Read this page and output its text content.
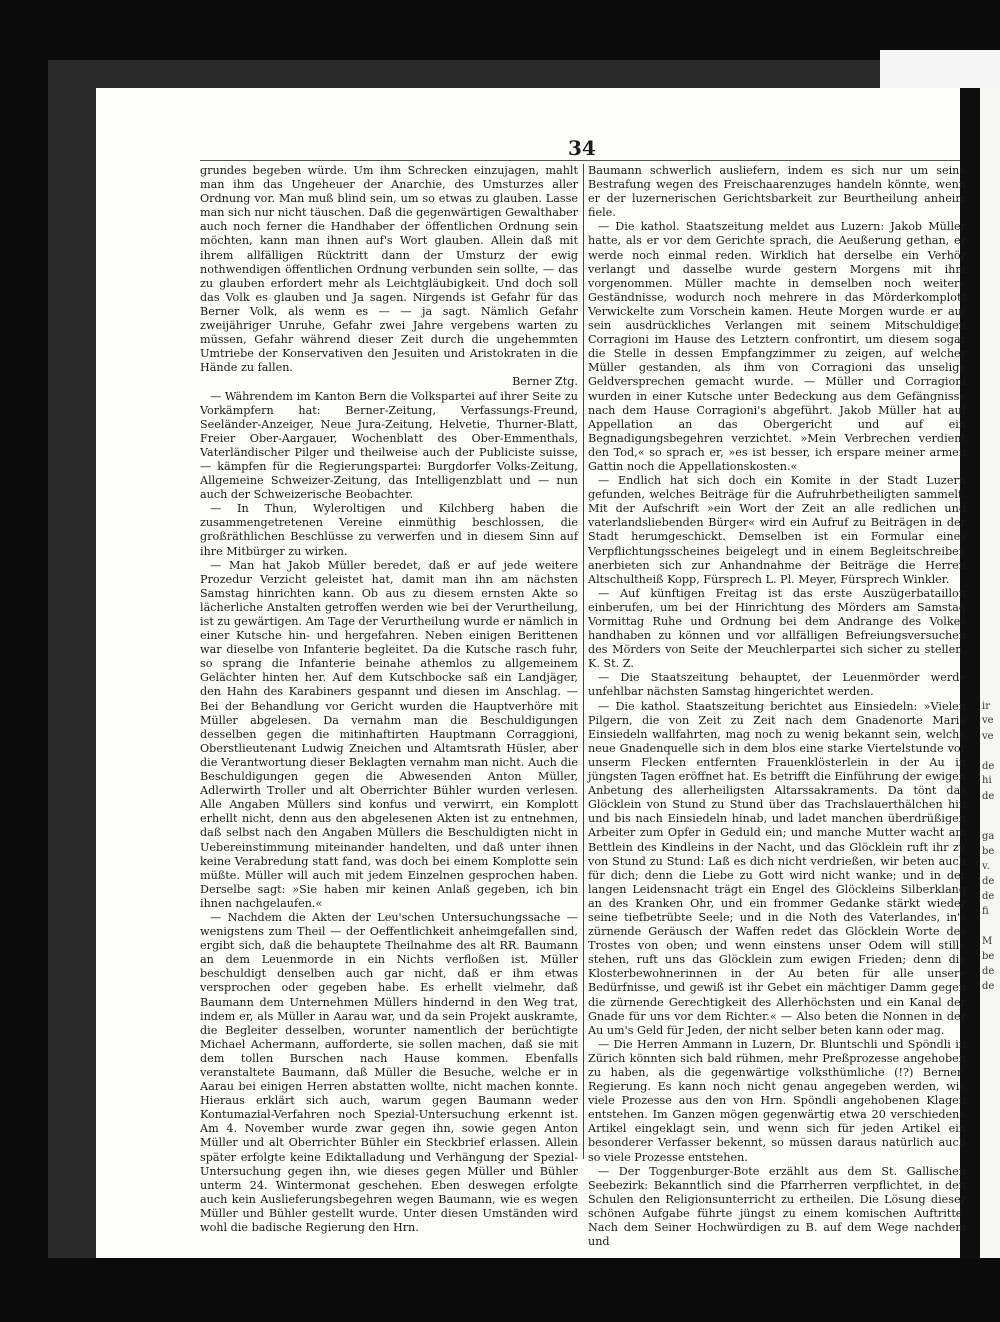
ir
ve
ve
de
hi
de
ga
be
v.
de
de
fi
M
be
de
de
34

grundes begeben würde. Um ihm Schrecken einzujagen, mahlt man ihm das Ungeheuer der Anarchie, des Umsturzes aller Ordnung vor. Man muß blind sein, um so etwas zu glauben. Lasse man sich nur nicht täuschen. Daß die gegenwärtigen Gewalthaber auch noch ferner die Handhaber der öffentlichen Ordnung sein möchten, kann man ihnen auf's Wort glauben. Allein daß mit ihrem allfälligen Rücktritt dann der Umsturz der ewig nothwendigen öffentlichen Ordnung verbunden sein sollte, — das zu glauben erfordert mehr als Leichtgläubigkeit. Und doch soll das Volk es glauben und Ja sagen. Nirgends ist Gefahr für das Berner Volk, als wenn es — — ja sagt. Nämlich Gefahr zweijähriger Unruhe, Gefahr zwei Jahre vergebens warten zu müssen, Gefahr während dieser Zeit durch die ungehemmten Umtriebe der Konservativen den Jesuiten und Aristokraten in die Hände zu fallen.

Berner Ztg.

— Währendem im Kanton Bern die Volkspartei auf ihrer Seite zu Vorkämpfern hat: Berner-Zeitung, Verfassungs-Freund, Seeländer-Anzeiger, Neue Jura-Zeitung, Helvetie, Thurner-Blatt, Freier Ober-Aargauer, Wochenblatt des Ober-Emmenthals, Vaterländischer Pilger und theilweise auch der Publiciste suisse, — kämpfen für die Regierungspartei: Burgdorfer Volks-Zeitung, Allgemeine Schweizer-Zeitung, das Intelligenzblatt und — nun auch der Schweizerische Beobachter.

— In Thun, Wyleroltigen und Kilchberg haben die zusammengetretenen Vereine einmüthig beschlossen, die großräthlichen Beschlüsse zu verwerfen und in diesem Sinn auf ihre Mitbürger zu wirken.

— Man hat Jakob Müller beredet, daß er auf jede weitere Prozedur Verzicht geleistet hat, damit man ihn am nächsten Samstag hinrichten kann. Ob aus zu diesem ernsten Akte so lächerliche Anstalten getroffen werden wie bei der Verurtheilung, ist zu gewärtigen. Am Tage der Verurtheilung wurde er nämlich in einer Kutsche hin- und hergefahren. Neben einigen Berittenen war dieselbe von Infanterie begleitet. Da die Kutsche rasch fuhr, so sprang die Infanterie beinahe athemlos zu allgemeinem Gelächter hinten her. Auf dem Kutschbocke saß ein Landjäger, den Hahn des Karabiners gespannt und diesen im Anschlag. — Bei der Behandlung vor Gericht wurden die Hauptverhöre mit Müller abgelesen. Da vernahm man die Beschuldigungen desselben gegen die mitinhaftirten Hauptmann Corraggioni, Oberstlieutenant Ludwig Zneichen und Altamtsrath Hüsler, aber die Verantwortung dieser Beklagten vernahm man nicht. Auch die Beschuldigungen gegen die Abwesenden Anton Müller, Adlerwirth Troller und alt Oberrichter Bühler wurden verlesen. Alle Angaben Müllers sind konfus und verwirrt, ein Komplott erhellt nicht, denn aus den abgelesenen Akten ist zu entnehmen, daß selbst nach den Angaben Müllers die Beschuldigten nicht in Uebereinstimmung miteinander handelten, und daß unter ihnen keine Verabredung statt fand, was doch bei einem Komplotte sein müßte. Müller will auch mit jedem Einzelnen gesprochen haben. Derselbe sagt: »Sie haben mir keinen Anlaß gegeben, ich bin ihnen nachgelaufen.«

— Nachdem die Akten der Leu'schen Untersuchungssache — wenigstens zum Theil — der Oeffentlichkeit anheimgefallen sind, ergibt sich, daß die behauptete Theilnahme des alt RR. Baumann an dem Leuenmorde in ein Nichts verfloßen ist. Müller beschuldigt denselben auch gar nicht, daß er ihm etwas versprochen oder gegeben habe. Es erhellt vielmehr, daß Baumann dem Unternehmen Müllers hindernd in den Weg trat, indem er, als Müller in Aarau war, und da sein Projekt auskramte, die Begleiter desselben, worunter namentlich der berüchtigte Michael Achermann, aufforderte, sie sollen machen, daß sie mit dem tollen Burschen nach Hause kommen. Ebenfalls veranstaltete Baumann, daß Müller die Besuche, welche er in Aarau bei einigen Herren abstatten wollte, nicht machen konnte. Hieraus erklärt sich auch, warum gegen Baumann weder Kontumazial-Verfahren noch Spezial-Untersuchung erkennt ist. Am 4. November wurde zwar gegen ihn, sowie gegen Anton Müller und alt Oberrichter Bühler ein Steckbrief erlassen. Allein später erfolgte keine Ediktalladung und Verhängung der Spezial-Untersuchung gegen ihn, wie dieses gegen Müller und Bühler unterm 24. Wintermonat geschehen. Eben deswegen erfolgte auch kein Auslieferungsbegehren wegen Baumann, wie es wegen Müller und Bühler gestellt wurde. Unter diesen Umständen wird wohl die badische Regierung den Hrn.

Baumann schwerlich ausliefern, indem es sich nur um seine Bestrafung wegen des Freischaarenzuges handeln könnte, wenn er der luzernerischen Gerichtsbarkeit zur Beurtheilung anheim fiele.

— Die kathol. Staatszeitung meldet aus Luzern: Jakob Müller hatte, als er vor dem Gerichte sprach, die Aeußerung gethan, er werde noch einmal reden. Wirklich hat derselbe ein Verhör verlangt und dasselbe wurde gestern Morgens mit ihm vorgenommen. Müller machte in demselben noch weitere Geständnisse, wodurch noch mehrere in das Mörderkomplott Verwickelte zum Vorschein kamen. Heute Morgen wurde er auf sein ausdrückliches Verlangen mit seinem Mitschuldigen Corragioni im Hause des Letztern confrontirt, um diesem sogar die Stelle in dessen Empfangzimmer zu zeigen, auf welcher Müller gestanden, als ihm von Corragioni das unselige Geldversprechen gemacht wurde. — Müller und Corragioni wurden in einer Kutsche unter Bedeckung aus dem Gefängnisse nach dem Hause Corragioni's abgeführt. Jakob Müller hat auf Appellation an das Obergericht und auf ein Begnadigungsbegehren verzichtet. »Mein Verbrechen verdient den Tod,« so sprach er, »es ist besser, ich erspare meiner armen Gattin noch die Appellationskosten.«

— Endlich hat sich doch ein Komite in der Stadt Luzern gefunden, welches Beiträge für die Aufruhrbetheiligten sammelt. Mit der Aufschrift »ein Wort der Zeit an alle redlichen und vaterlandsliebenden Bürger« wird ein Aufruf zu Beiträgen in der Stadt herumgeschickt. Demselben ist ein Formular eines Verpflichtungsscheines beigelegt und in einem Begleitschreiben anerbieten sich zur Anhandnahme der Beiträge die Herren Altschultheiß Kopp, Fürsprech L. Pl. Meyer, Fürsprech Winkler.

— Auf künftigen Freitag ist das erste Auszügerbataillon einberufen, um bei der Hinrichtung des Mörders am Samstag Vormittag Ruhe und Ordnung bei dem Andrange des Volkes handhaben zu können und vor allfälligen Befreiungsversuchen des Mörders von Seite der Meuchlerpartei sich sicher zu stellen. K. St. Z.

— Die Staatszeitung behauptet, der Leuenmörder werde unfehlbar nächsten Samstag hingerichtet werden.

— Die kathol. Staatszeitung berichtet aus Einsiedeln: »Vielen Pilgern, die von Zeit zu Zeit nach dem Gnadenorte Maria Einsiedeln wallfahrten, mag noch zu wenig bekannt sein, welche neue Gnadenquelle sich in dem blos eine starke Viertelstunde vor unserm Flecken entfernten Frauenklösterlein in der Au in jüngsten Tagen eröffnet hat. Es betrifft die Einführung der ewigen Anbetung des allerheiligsten Altarssakraments. Da tönt das Glöcklein von Stund zu Stund über das Trachslauerthälchen hin und bis nach Einsiedeln hinab, und ladet manchen überdrüßigen Arbeiter zum Opfer in Geduld ein; und manche Mutter wacht am Bettlein des Kindleins in der Nacht, und das Glöcklein ruft ihr zu von Stund zu Stund: Laß es dich nicht verdrießen, wir beten auch für dich; denn die Liebe zu Gott wird nicht wanke; und in der langen Leidensnacht trägt ein Engel des Glöckleins Silberklang an des Kranken Ohr, und ein frommer Gedanke stärkt wieder seine tiefbetrübte Seele; und in die Noth des Vaterlandes, in's zürnende Geräusch der Waffen redet das Glöcklein Worte des Trostes von oben; und wenn einstens unser Odem will stille stehen, ruft uns das Glöcklein zum ewigen Frieden; denn die Klosterbewohnerinnen in der Au beten für alle unsere Bedürfnisse, und gewiß ist ihr Gebet ein mächtiger Damm gegen die zürnende Gerechtigkeit des Allerhöchsten und ein Kanal der Gnade für uns vor dem Richter.« — Also beten die Nonnen in der Au um's Geld für Jeden, der nicht selber beten kann oder mag.

— Die Herren Ammann in Luzern, Dr. Bluntschli und Spöndli in Zürich könnten sich bald rühmen, mehr Preßprozesse angehoben zu haben, als die gegenwärtige volksthümliche (!?) Berner-Regierung. Es kann noch nicht genau angegeben werden, wie viele Prozesse aus den von Hrn. Spöndli angehobenen Klagen entstehen. Im Ganzen mögen gegenwärtig etwa 20 verschiedene Artikel eingeklagt sein, und wenn sich für jeden Artikel ein besonderer Verfasser bekennt, so müssen daraus natürlich auch so viele Prozesse entstehen.

— Der Toggenburger-Bote erzählt aus dem St. Gallischen Seebezirk: Bekanntlich sind die Pfarrherren verpflichtet, in den Schulen den Religionsunterricht zu ertheilen. Die Lösung dieser schönen Aufgabe führte jüngst zu einem komischen Auftritte. Nach dem Seiner Hochwürdigen zu B. auf dem Wege nachdem und
